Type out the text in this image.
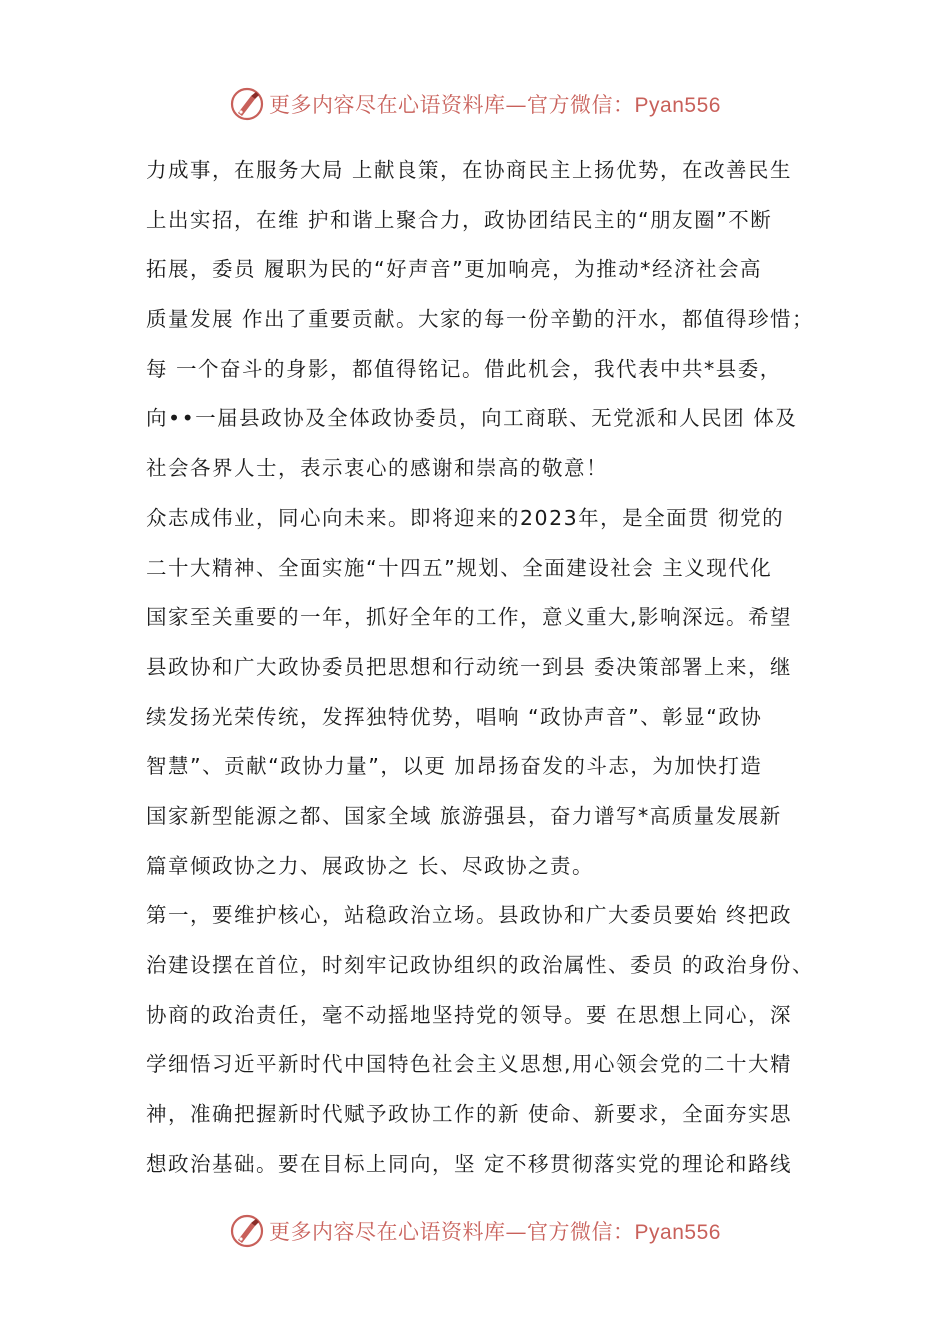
更多内容尽在心语资料库—官方微信：Pyan556
力成事，在服务大局 上献良策，在协商民主上扬优势，在改善民生
上出实招，在维 护和谐上聚合力，政协团结民主的“朋友圈”不断
拓展，委员 履职为民的“好声音”更加响亮，为推动*经济社会高
质量发展 作出了重要贡献。大家的每一份辛勤的汗水，都值得珍惜；
每 一个奋斗的身影，都值得铭记。借此机会，我代表中共*县委，
向••一届县政协及全体政协委员，向工商联、无党派和人民团 体及
社会各界人士，表示衷心的感谢和崇高的敬意！
众志成伟业，同心向未来。即将迎来的2023年，是全面贯 彻党的
二十大精神、全面实施“十四五”规划、全面建设社会 主义现代化
国家至关重要的一年，抓好全年的工作，意义重大,影响深远。希望
县政协和广大政协委员把思想和行动统一到县 委决策部署上来，继
续发扬光荣传统，发挥独特优势，唱响 “政协声音”、彰显“政协
智慧”、贡献“政协力量”，以更 加昂扬奋发的斗志，为加快打造
国家新型能源之都、国家全域 旅游强县，奋力谱写*高质量发展新
篇章倾政协之力、展政协之 长、尽政协之责。
第一，要维护核心，站稳政治立场。县政协和广大委员要始 终把政
治建设摆在首位，时刻牢记政协组织的政治属性、委员 的政治身份、
协商的政治责任，毫不动摇地坚持党的领导。要 在思想上同心，深
学细悟习近平新时代中国特色社会主义思想,用心领会党的二十大精
神，准确把握新时代赋予政协工作的新 使命、新要求，全面夯实思
想政治基础。要在目标上同向，坚 定不移贯彻落实党的理论和路线
更多内容尽在心语资料库—官方微信：Pyan556
